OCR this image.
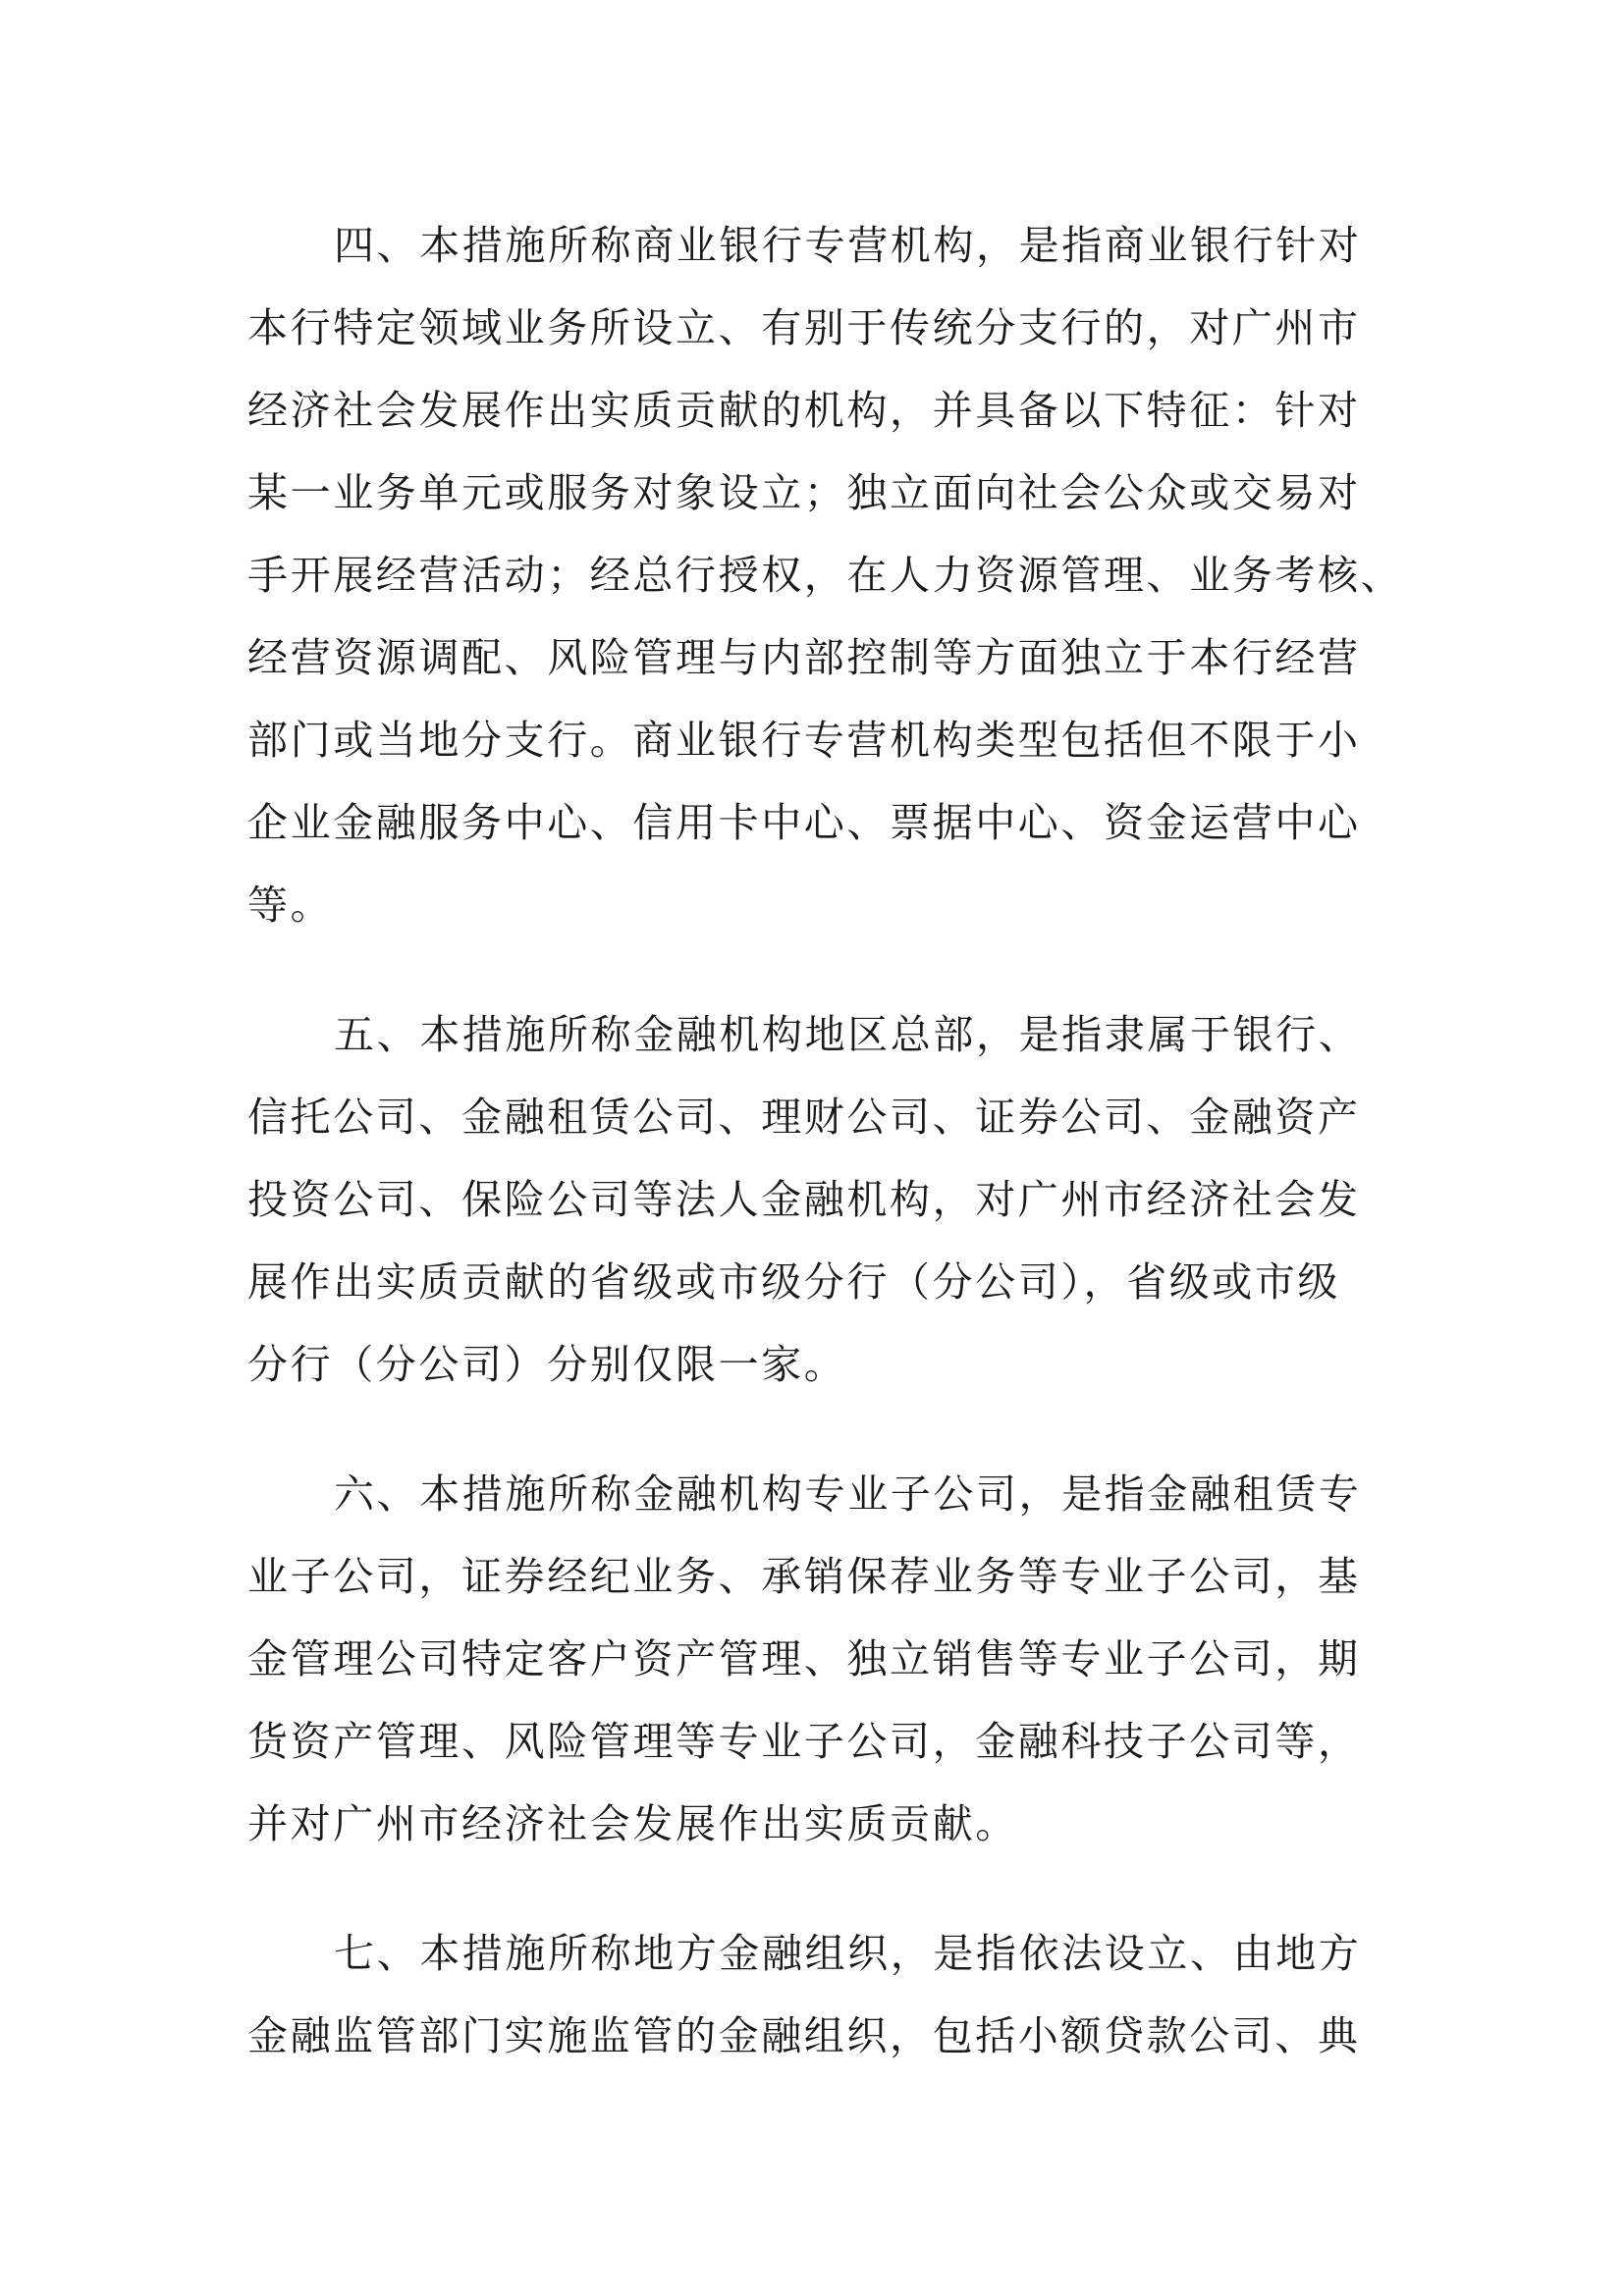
四、本措施所称商业银行专营机构，是指商业银行针对
本行特定领域业务所设立、有别于传统分支行的，对广州市
经济社会发展作出实质贡献的机构，并具备以下特征：针对
某一业务单元或服务对象设立；独立面向社会公众或交易对
手开展经营活动；经总行授权，在人力资源管理、业务考核、
经营资源调配、风险管理与内部控制等方面独立于本行经营
部门或当地分支行。商业银行专营机构类型包括但不限于小
企业金融服务中心、信用卡中心、票据中心、资金运营中心
等。
五、本措施所称金融机构地区总部，是指隶属于银行、
信托公司、金融租赁公司、理财公司、证券公司、金融资产
投资公司、保险公司等法人金融机构，对广州市经济社会发
展作出实质贡献的省级或市级分行（分公司），省级或市级
分行（分公司）分别仅限一家。
六、本措施所称金融机构专业子公司，是指金融租赁专
业子公司，证券经纪业务、承销保荐业务等专业子公司，基
金管理公司特定客户资产管理、独立销售等专业子公司，期
货资产管理、风险管理等专业子公司，金融科技子公司等，
并对广州市经济社会发展作出实质贡献。
七、本措施所称地方金融组织，是指依法设立、由地方
金融监管部门实施监管的金融组织，包括小额贷款公司、典
